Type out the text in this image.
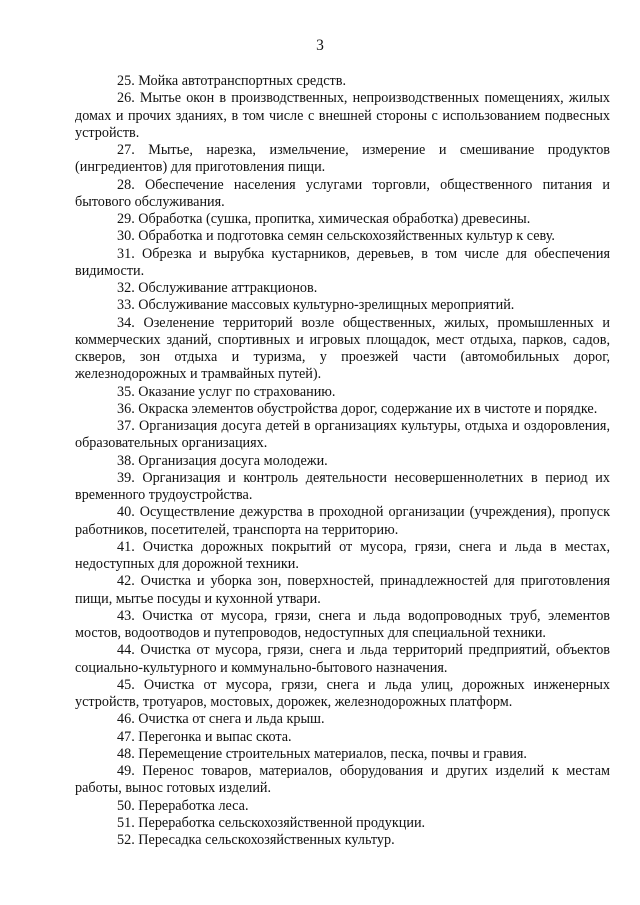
3

25. Мойка автотранспортных средств.

26. Мытье окон в производственных, непроизводственных помещениях, жилых домах и прочих зданиях, в том числе с внешней стороны с использованием подвесных устройств.

27. Мытье, нарезка, измельчение, измерение и смешивание продуктов (ингредиентов) для приготовления пищи.

28. Обеспечение населения услугами торговли, общественного питания и бытового обслуживания.

29. Обработка (сушка, пропитка, химическая обработка) древесины.

30. Обработка и подготовка семян сельскохозяйственных культур к севу.

31. Обрезка и вырубка кустарников, деревьев, в том числе для обеспечения видимости.

32. Обслуживание аттракционов.

33. Обслуживание массовых культурно-зрелищных мероприятий.

34. Озеленение территорий возле общественных, жилых, промышленных и коммерческих зданий, спортивных и игровых площадок, мест отдыха, парков, садов, скверов, зон отдыха и туризма, у проезжей части (автомобильных дорог, железнодорожных и трамвайных путей).

35. Оказание услуг по страхованию.

36. Окраска элементов обустройства дорог, содержание их в чистоте и порядке.

37. Организация досуга детей в организациях культуры, отдыха и оздоровления, образовательных организациях.

38. Организация досуга молодежи.

39. Организация и контроль деятельности несовершеннолетних в период их временного трудоустройства.

40. Осуществление дежурства в проходной организации (учреждения), пропуск работников, посетителей, транспорта на территорию.

41. Очистка дорожных покрытий от мусора, грязи, снега и льда в местах, недоступных для дорожной техники.

42. Очистка и уборка зон, поверхностей, принадлежностей для приготовления пищи, мытье посуды и кухонной утвари.

43. Очистка от мусора, грязи, снега и льда водопроводных труб, элементов мостов, водоотводов и путепроводов, недоступных для специальной техники.

44. Очистка от мусора, грязи, снега и льда территорий предприятий, объектов социально-культурного и коммунально-бытового назначения.

45. Очистка от мусора, грязи, снега и льда улиц, дорожных инженерных устройств, тротуаров, мостовых, дорожек, железнодорожных платформ.

46. Очистка от снега и льда крыш.

47. Перегонка и выпас скота.

48. Перемещение строительных материалов, песка, почвы и гравия.

49. Перенос товаров, материалов, оборудования и других изделий к местам работы, вынос готовых изделий.

50. Переработка леса.

51. Переработка сельскохозяйственной продукции.

52. Пересадка сельскохозяйственных культур.
